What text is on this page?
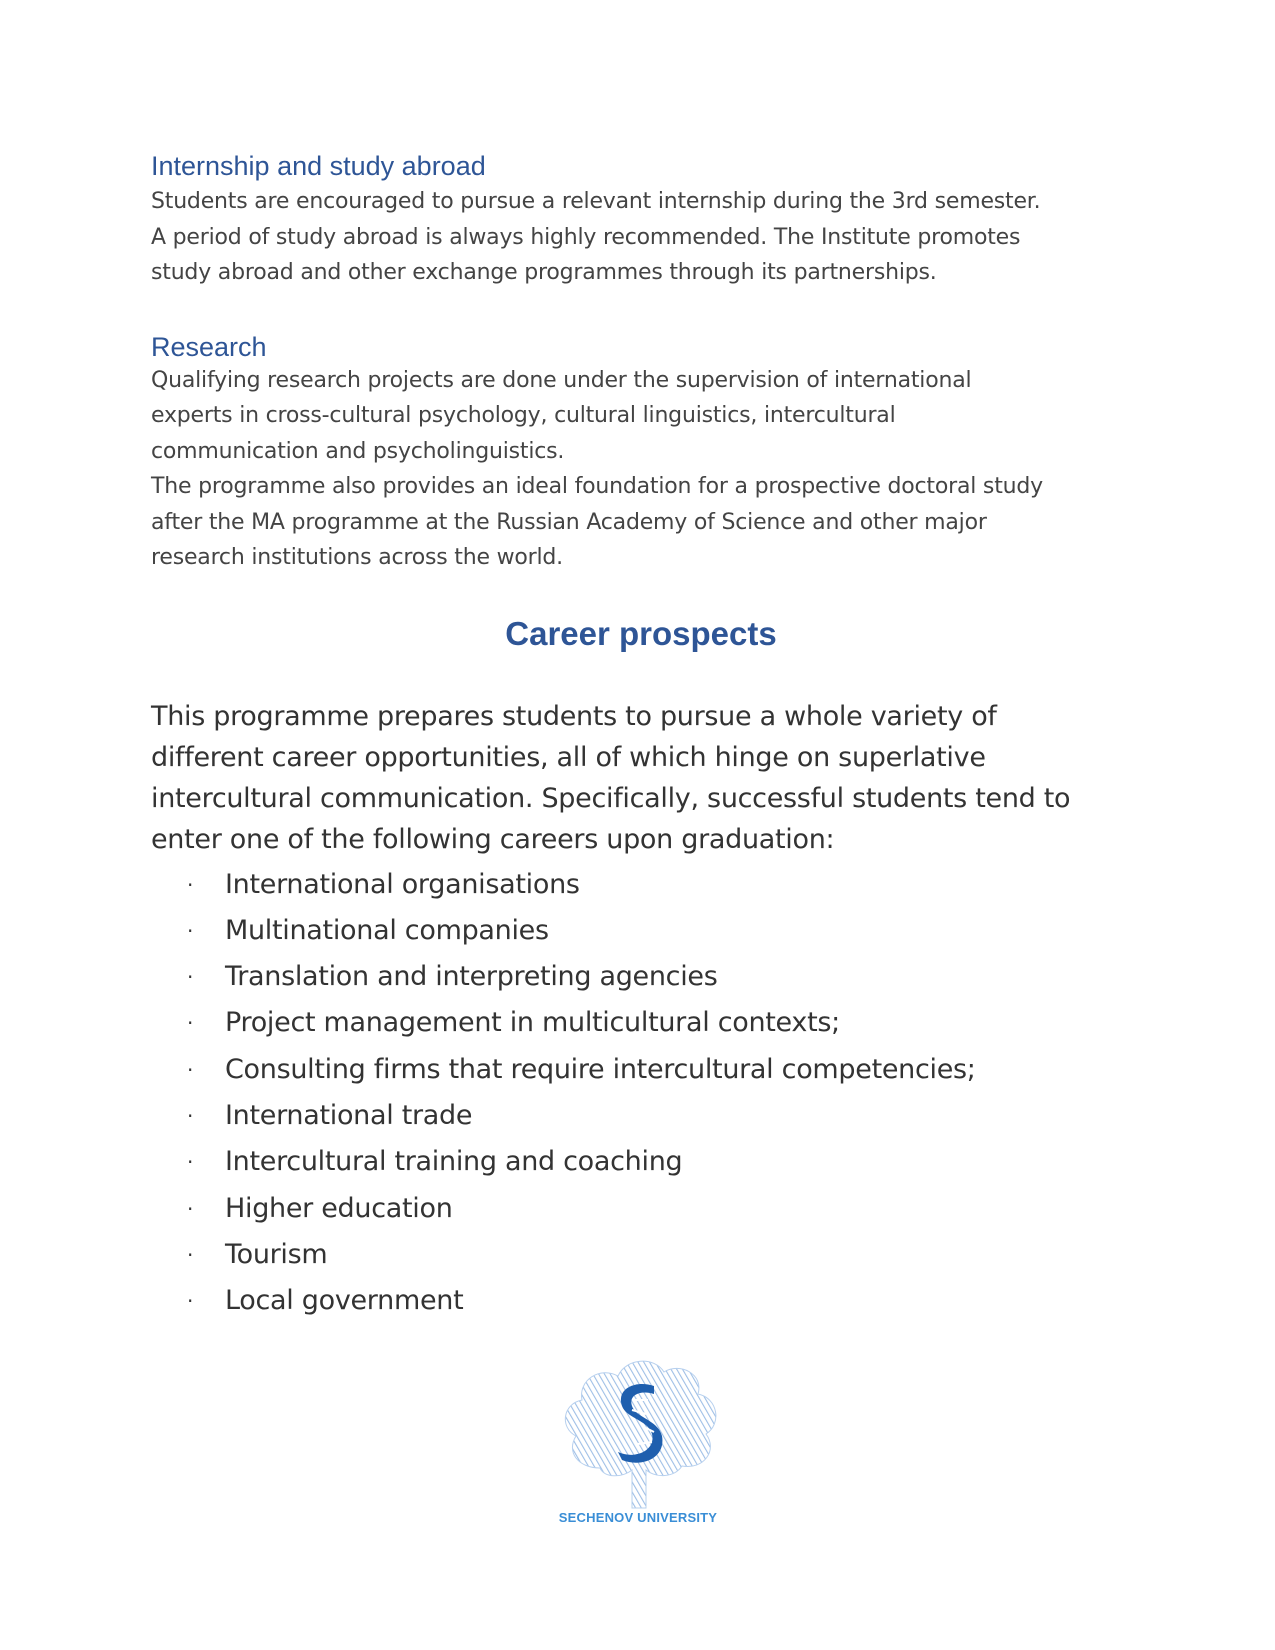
Internship and study abroad

Students are encouraged to pursue a relevant internship during the 3rd semester.
A period of study abroad is always highly recommended. The Institute promotes
study abroad and other exchange programmes through its partnerships.

Research

Qualifying research projects are done under the supervision of international
experts in cross-cultural psychology, cultural linguistics, intercultural
communication and psycholinguistics.
The programme also provides an ideal foundation for a prospective doctoral study
after the MA programme at the Russian Academy of Science and other major
research institutions across the world.

Career prospects

This programme prepares students to pursue a whole variety of
different career opportunities, all of which hinge on superlative
intercultural communication. Specifically, successful students tend to
enter one of the following careers upon graduation:

· International organisations
· Multinational companies
· Translation and interpreting agencies
· Project management in multicultural contexts;
· Consulting firms that require intercultural competencies;
· International trade
· Intercultural training and coaching
· Higher education
· Tourism
· Local government
SECHENOV UNIVERSITY
